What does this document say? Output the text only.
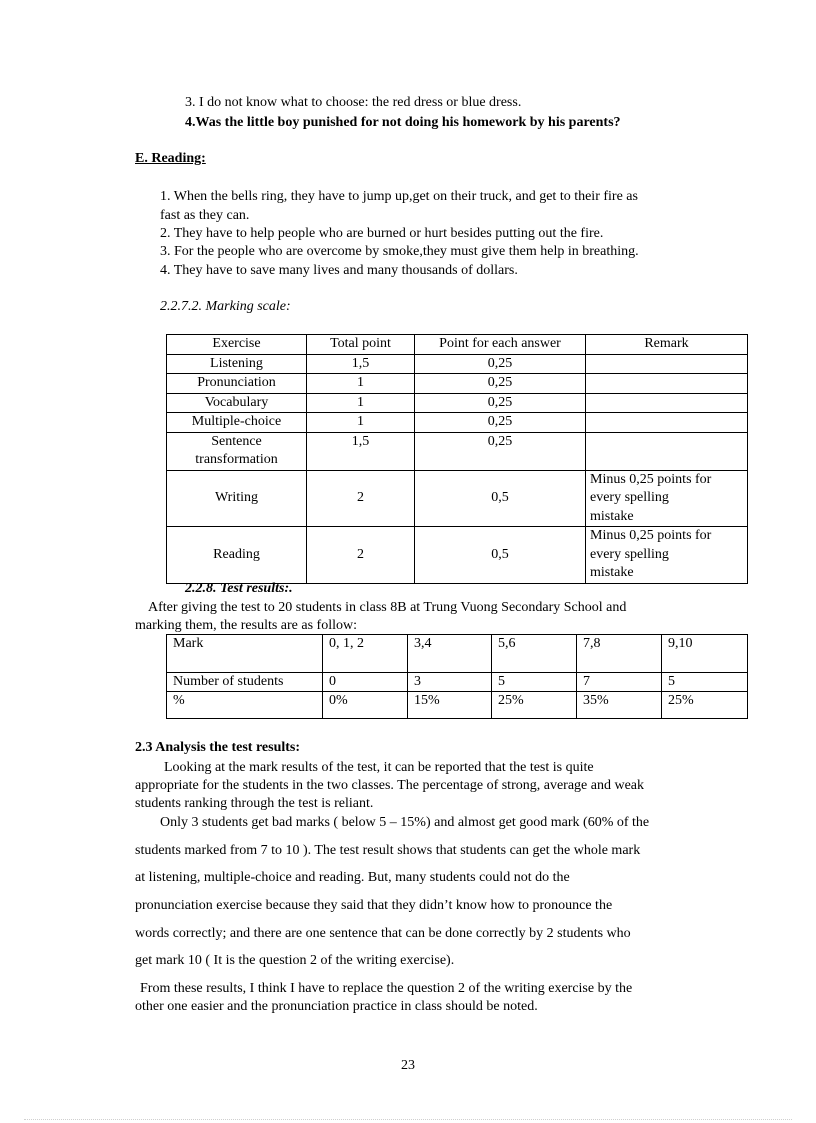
3. I do not know what to choose: the red dress or blue dress.
4.Was the little boy punished for not doing his homework by his parents?
E. Reading:
1. When the bells ring, they have to jump up,get on their truck, and get to their fire as
fast as they can.
2. They have to help people who are burned or hurt besides putting out the fire.
3. For the people who are overcome by smoke,they must give them help in breathing.
4. They have to save many lives and many thousands of dollars.
2.2.7.2. Marking scale:
Exercise	Total point	Point for each answer	Remark
Listening	1,5	0,25	
Pronunciation	1	0,25	
Vocabulary	1	0,25	
Multiple-choice	1	0,25	

Sentence
transformation	1,5	0,25	
Writing	2	0,5	Minus 0,25 points for
every spelling
mistake

Reading	2	0,5	Minus 0,25 points for
every spelling
mistake
2.2.8. Test results:.
After giving the test to 20 students in class 8B at Trung Vuong Secondary School and
marking them, the results are as follow:
Mark	0, 1, 2	3,4	5,6	7,8	9,10
Number of students	0	3	5	7	5
%	0%	15%	25%	35%	25%
2.3 Analysis the test results:
Looking at the mark results of the test, it can be reported that the test is quite
appropriate for the students in the two classes. The percentage of strong, average and weak
students ranking through the test is reliant.
Only 3 students get bad marks ( below 5 – 15%) and almost get good mark (60% of the
students marked from 7 to 10 ). The test result shows that students can get the whole mark
at listening, multiple-choice and reading. But, many students could not do the
pronunciation exercise because they said that they didn’t know how to pronounce the
words correctly; and there are one sentence that can be done correctly by 2 students who
get mark 10 ( It is the question 2 of the writing exercise).
From these results, I think I have to replace the question 2 of the writing exercise by the
other one easier and the pronunciation practice in class should be noted.
23
